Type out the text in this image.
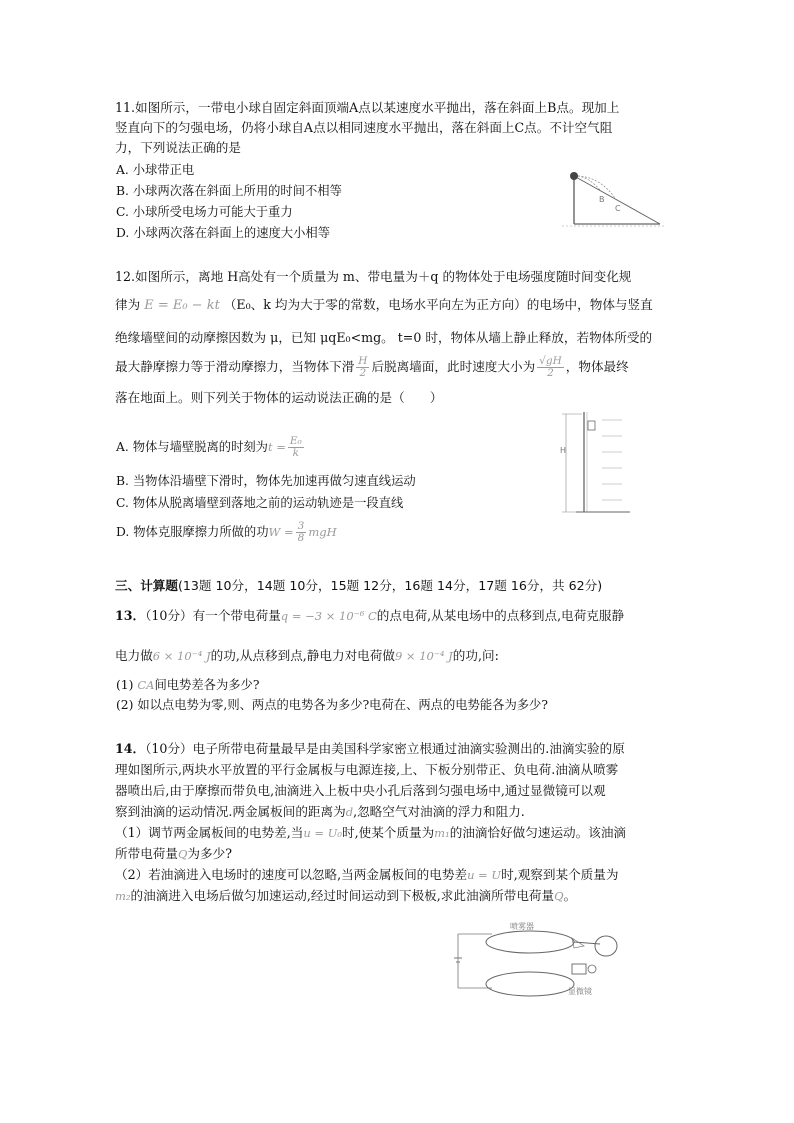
11.如图所示，一带电小球自固定斜面顶端A点以某速度水平抛出，落在斜面上B点。现加上
竖直向下的匀强电场，仍将小球自A点以相同速度水平抛出，落在斜面上C点。不计空气阻
力，下列说法正确的是
A. 小球带正电
B. 小球两次落在斜面上所用的时间不相等
C. 小球所受电场力可能大于重力
D. 小球两次落在斜面上的速度大小相等
B
C
12.如图所示，离地 H高处有一个质量为 m、带电量为＋q 的物体处于电场强度随时间变化规
律为 E = E₀ − kt （E₀、k 均为大于零的常数，电场水平向左为正方向）的电场中，物体与竖直
绝缘墙壁间的动摩擦因数为 μ，已知 μqE₀<mg。 t=0 时，物体从墙上静止释放，若物体所受的
最大静摩擦力等于滑动摩擦力，当物体下滑 $\frac{H}{2}$ 后脱离墙面，此时速度大小为 $\frac{√gH}{2}$ ，物体最终
落在地面上。则下列关于物体的运动说法正确的是（　　）
A. 物体与墙壁脱离的时刻为$t = \frac{\text{E₀}}{k}$
B. 当物体沿墙壁下滑时，物体先加速再做匀速直线运动
C. 物体从脱离墙壁到落地之前的运动轨迹是一段直线
D. 物体克服摩擦力所做的功$W = \frac{3}{8}$ mgH
H
三、计算题(13题 10分，14题 10分，15题 12分，16题 14分，17题 16分，共 62分)
13．（10分）有一个带电荷量q = −3 × 10⁻⁶ C的点电荷,从某电场中的点移到点,电荷克服静
电力做6 × 10⁻⁴ J的功,从点移到点,静电力对电荷做9 × 10⁻⁴ J的功,问:
(1) CA间电势差各为多少?
(2) 如以点电势为零,则、两点的电势各为多少?电荷在、两点的电势能各为多少?
14．（10分）电子所带电荷量最早是由美国科学家密立根通过油滴实验测出的.油滴实验的原
理如图所示,两块水平放置的平行金属板与电源连接,上、下板分别带正、负电荷.油滴从喷雾
器喷出后,由于摩擦而带负电,油滴进入上板中央小孔后落到匀强电场中,通过显微镜可以观
察到油滴的运动情况.两金属板间的距离为d,忽略空气对油滴的浮力和阻力.
（1）调节两金属板间的电势差,当u = U₀时,使某个质量为m₁的油滴恰好做匀速运动。该油滴
所带电荷量Q为多少?
（2）若油滴进入电场时的速度可以忽略,当两金属板间的电势差u = U时,观察到某个质量为
m₂的油滴进入电场后做匀加速运动,经过时间运动到下极板,求此油滴所带电荷量Q。
喷雾器
显微镜
